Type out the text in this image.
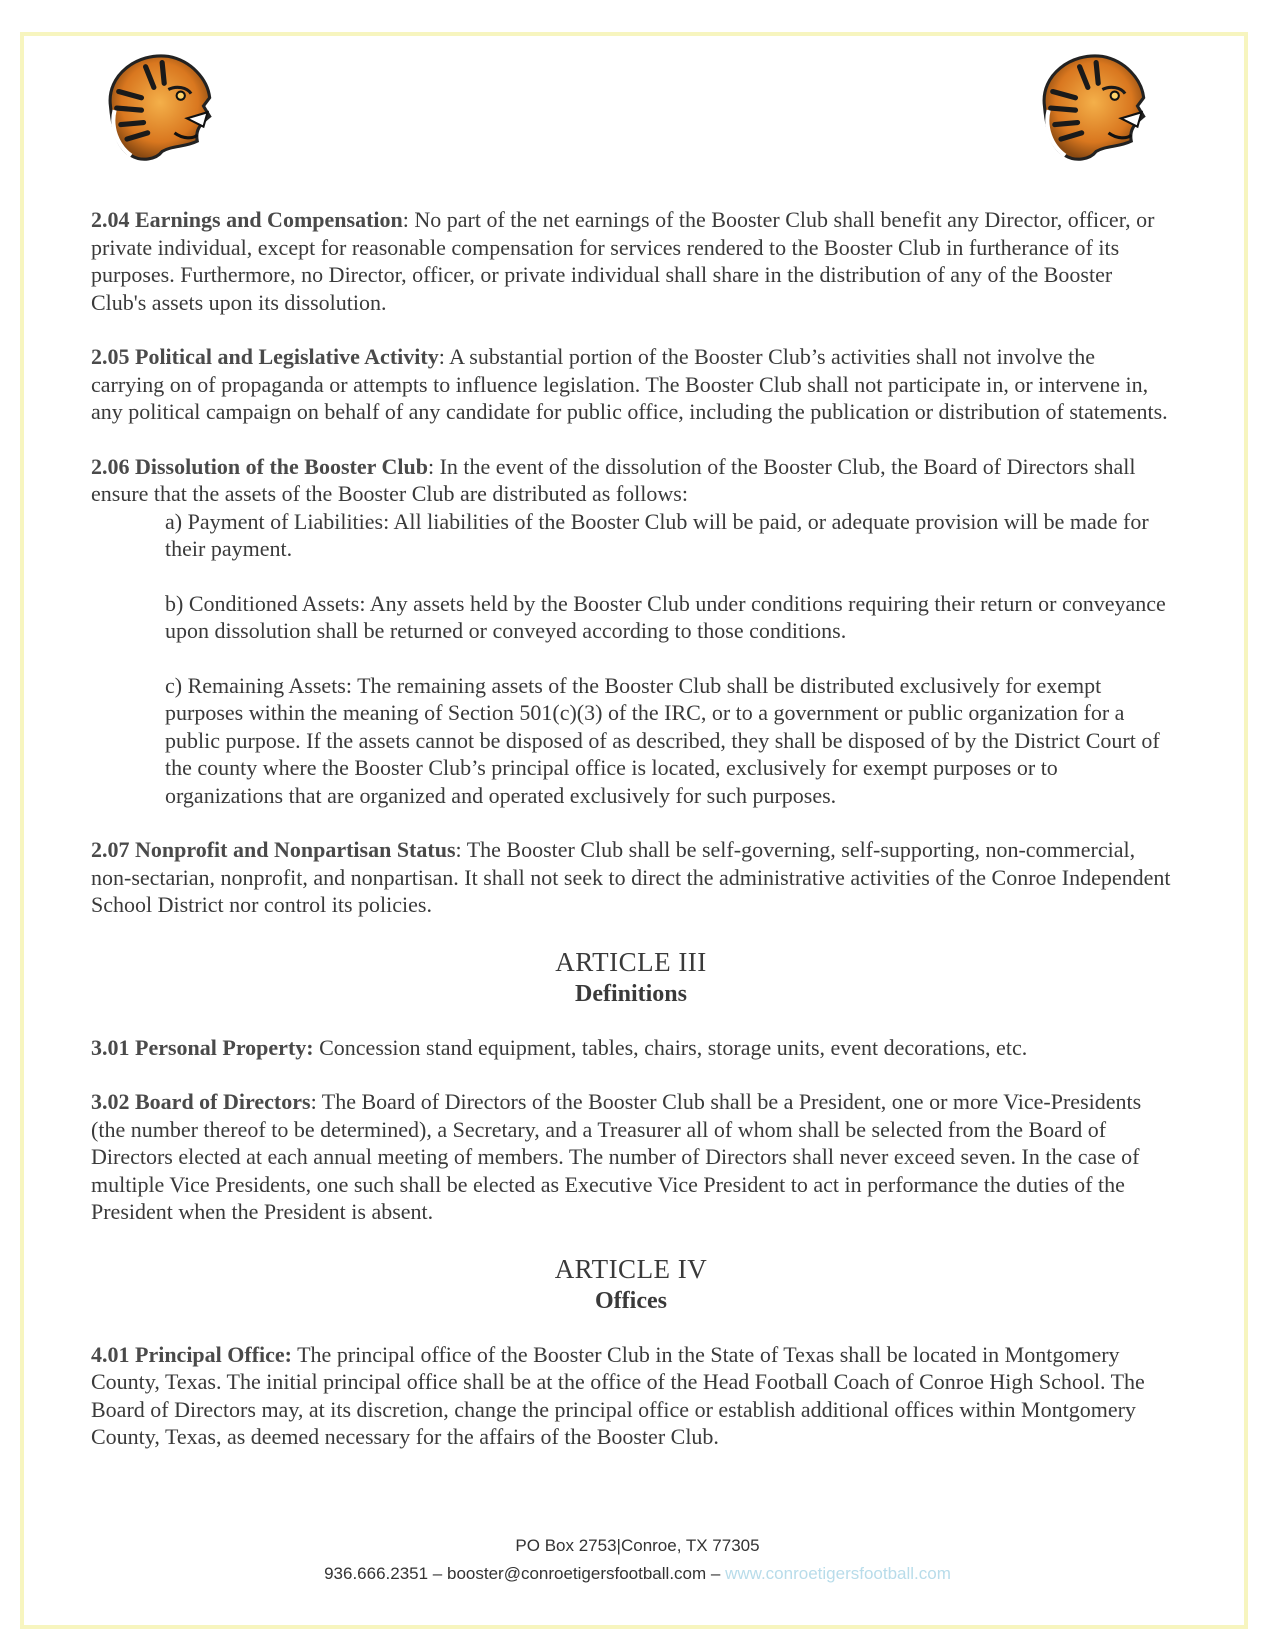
2.04 Earnings and Compensation: No part of the net earnings of the Booster Club shall benefit any Director, officer, or private individual, except for reasonable compensation for services rendered to the Booster Club in furtherance of its purposes. Furthermore, no Director, officer, or private individual shall share in the distribution of any of the Booster Club's assets upon its dissolution.

2.05 Political and Legislative Activity: A substantial portion of the Booster Club’s activities shall not involve the carrying on of propaganda or attempts to influence legislation. The Booster Club shall not participate in, or intervene in, any political campaign on behalf of any candidate for public office, including the publication or distribution of statements.

2.06 Dissolution of the Booster Club: In the event of the dissolution of the Booster Club, the Board of Directors shall ensure that the assets of the Booster Club are distributed as follows:

a) Payment of Liabilities: All liabilities of the Booster Club will be paid, or adequate provision will be made for their payment.

b) Conditioned Assets: Any assets held by the Booster Club under conditions requiring their return or conveyance upon dissolution shall be returned or conveyed according to those conditions.

c) Remaining Assets: The remaining assets of the Booster Club shall be distributed exclusively for exempt purposes within the meaning of Section 501(c)(3) of the IRC, or to a government or public organization for a public purpose. If the assets cannot be disposed of as described, they shall be disposed of by the District Court of the county where the Booster Club’s principal office is located, exclusively for exempt purposes or to organizations that are organized and operated exclusively for such purposes.

2.07 Nonprofit and Nonpartisan Status: The Booster Club shall be self-governing, self-supporting, non-commercial, non-sectarian, nonprofit, and nonpartisan. It shall not seek to direct the administrative activities of the Conroe Independent School District nor control its policies.

ARTICLE III
Definitions

3.01 Personal Property: Concession stand equipment, tables, chairs, storage units, event decorations, etc.

3.02 Board of Directors: The Board of Directors of the Booster Club shall be a President, one or more Vice-Presidents (the number thereof to be determined), a Secretary, and a Treasurer all of whom shall be selected from the Board of Directors elected at each annual meeting of members. The number of Directors shall never exceed seven. In the case of multiple Vice Presidents, one such shall be elected as Executive Vice President to act in performance the duties of the President when the President is absent.

ARTICLE IV
Offices

4.01 Principal Office: The principal office of the Booster Club in the State of Texas shall be located in Montgomery County, Texas. The initial principal office shall be at the office of the Head Football Coach of Conroe High School. The Board of Directors may, at its discretion, change the principal office or establish additional offices within Montgomery County, Texas, as deemed necessary for the affairs of the Booster Club.

PO Box 2753|Conroe, TX 77305
936.666.2351 – booster@conroetigersfootball.com – www.conroetigersfootball.com
